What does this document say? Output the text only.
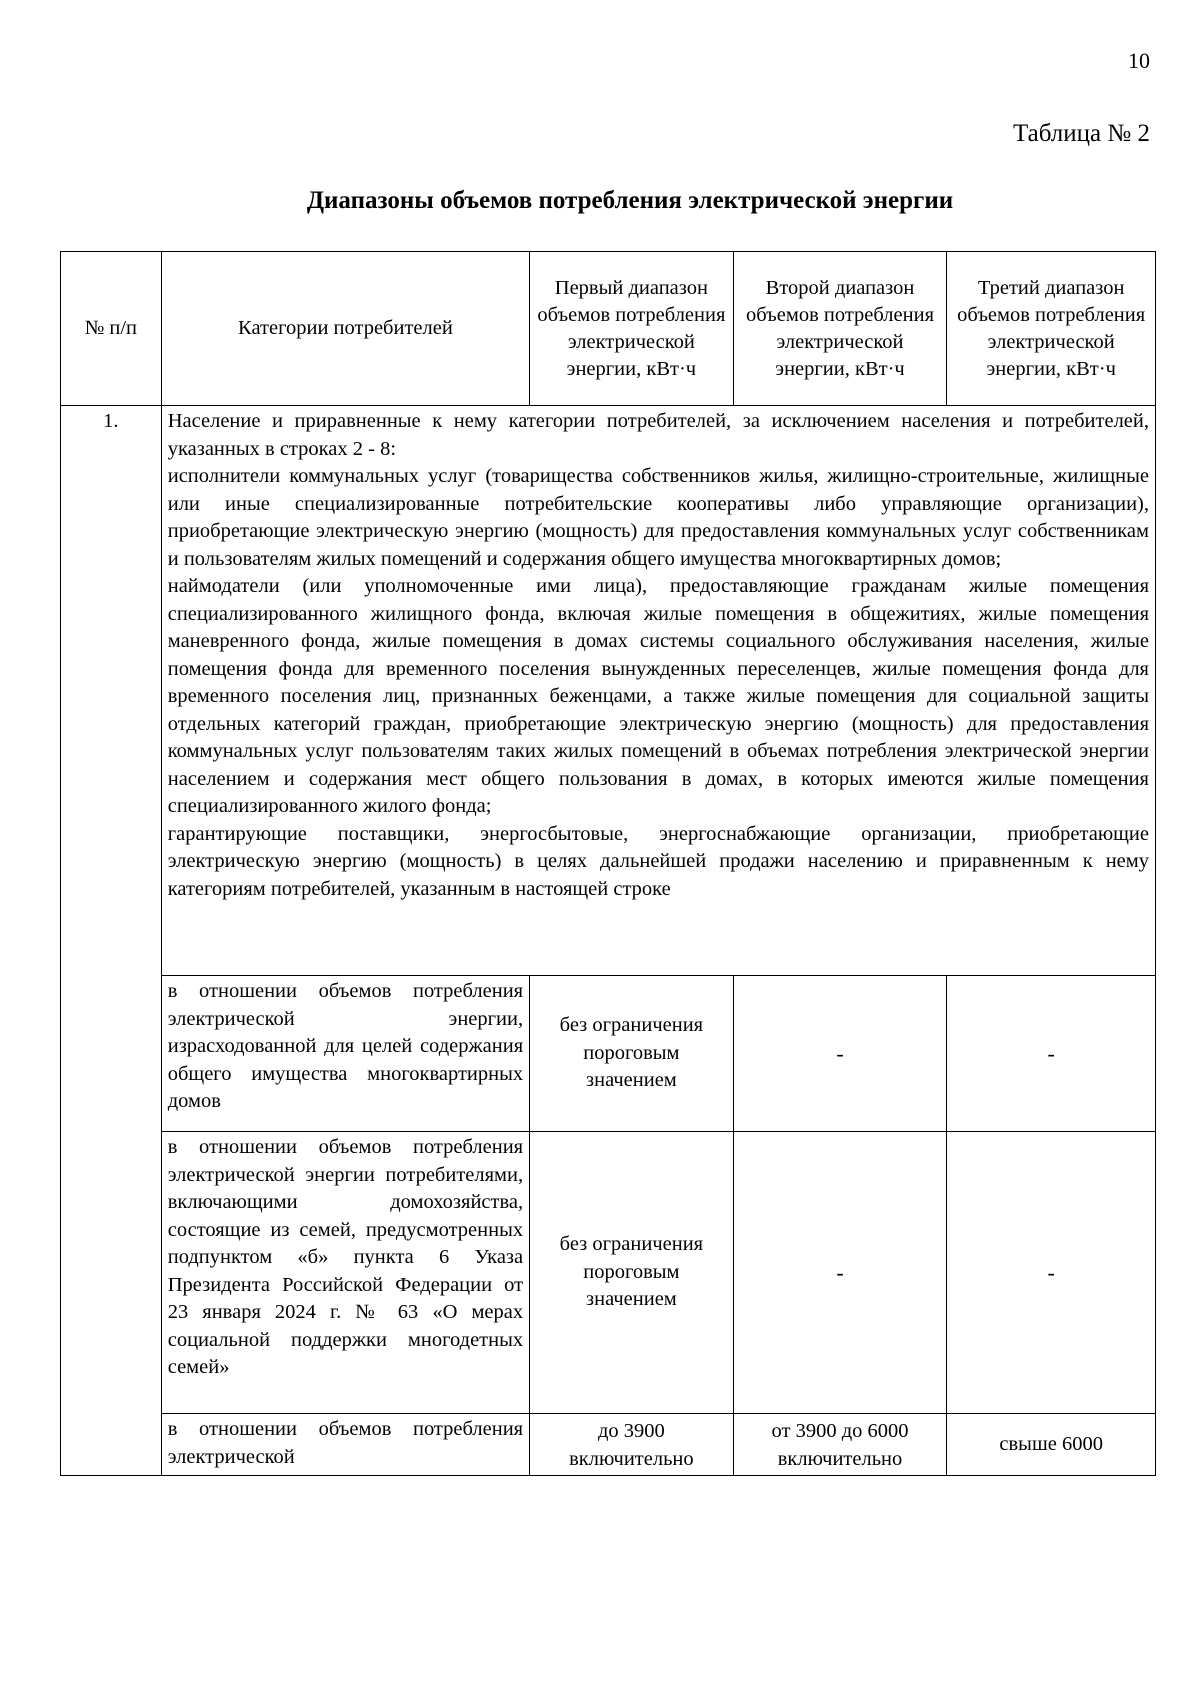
10
Таблица № 2
Диапазоны объемов потребления электрической энергии
№ п/п	Категории потребителей	Первый диапазон объемов потребления электрической энергии, кВт·ч	Второй диапазон объемов потребления электрической энергии, кВт·ч	Третий диапазон объемов потребления электрической энергии, кВт·ч
1.	Население и приравненные к нему категории потребителей, за исключением населения и потребителей, указанных в строках 2 - 8:

исполнители коммунальных услуг (товарищества собственников жилья, жилищно-строительные, жилищные или иные специализированные потребительские кооперативы либо управляющие организации), приобретающие электрическую энергию (мощность) для предоставления коммунальных услуг собственникам и пользователям жилых помещений и содержания общего имущества многоквартирных домов;

наймодатели (или уполномоченные ими лица), предоставляющие гражданам жилые помещения специализированного жилищного фонда, включая жилые помещения в общежитиях, жилые помещения маневренного фонда, жилые помещения в домах системы социального обслуживания населения, жилые помещения фонда для временного поселения вынужденных переселенцев, жилые помещения фонда для временного поселения лиц, признанных беженцами, а также жилые помещения для социальной защиты отдельных категорий граждан, приобретающие электрическую энергию (мощность) для предоставления коммунальных услуг пользователям таких жилых помещений в объемах потребления электрической энергии населением и содержания мест общего пользования в домах, в которых имеются жилые помещения специализированного жилого фонда;

гарантирующие поставщики, энергосбытовые, энергоснабжающие организации, приобретающие электрическую энергию (мощность) в целях дальнейшей продажи населению и приравненным к нему категориям потребителей, указанным в настоящей строке			

	в отношении объемов потребления электрической энергии, израсходованной для целей содержания общего имущества многоквартирных домов	без ограничения пороговым значением	-	-
	в отношении объемов потребления электрической энергии потребителями, включающими домохозяйства, состоящие из семей, предусмотренных подпунктом «б» пункта 6 Указа Президента Российской Федерации от 23 января 2024 г. № 63 «О мерах социальной поддержки многодетных семей»	без ограничения пороговым значением	-	-
	в отношении объемов потребления электрической	до 3900 включительно	от 3900 до 6000 включительно	свыше 6000
